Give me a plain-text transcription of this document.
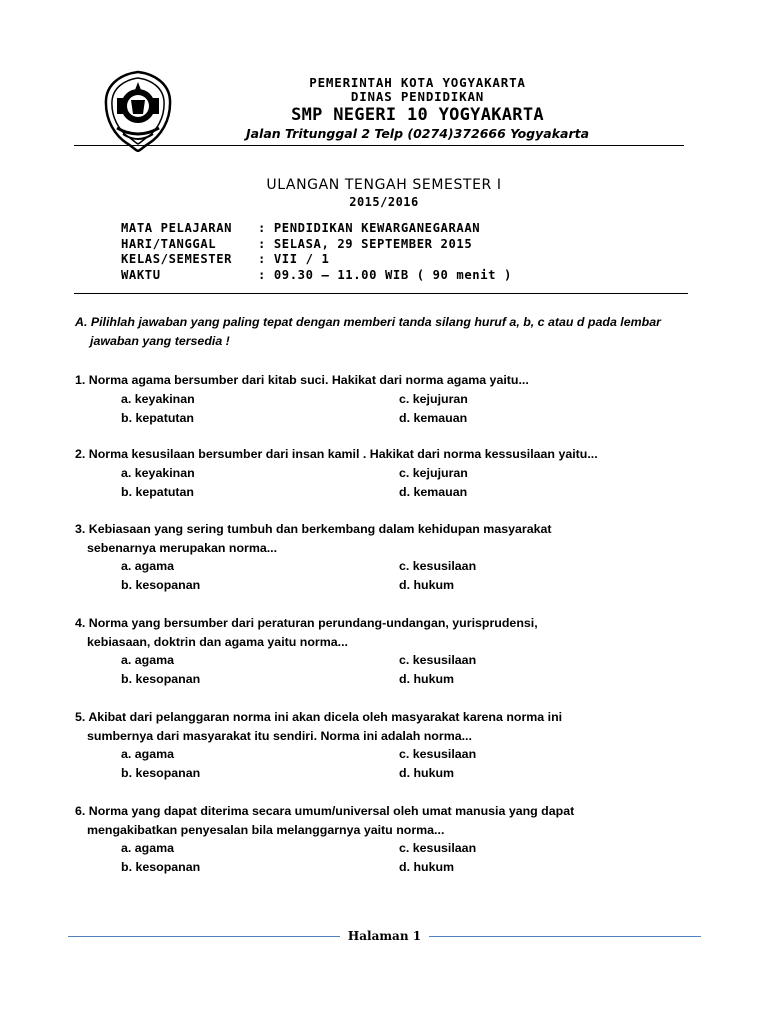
PEMERINTAH KOTA YOGYAKARTA
DINAS PENDIDIKAN
SMP NEGERI 10 YOGYAKARTA
Jalan Tritunggal 2 Telp (0274)372666 Yogyakarta
ULANGAN TENGAH SEMESTER I
2015/2016
MATA PELAJARAN : PENDIDIKAN KEWARGANEGARAAN
HARI/TANGGAL	: SELASA, 29 SEPTEMBER 2015
KELAS/SEMESTER : VII / 1
WAKTU	: 09.30 – 11.00 WIB ( 90 menit )
A. Pilihlah jawaban yang paling tepat dengan memberi tanda silang huruf a, b, c atau d pada lembar
jawaban yang tersedia !
1. Norma agama bersumber dari kitab suci. Hakikat dari norma agama yaitu...
a. keyakinan
b. kepatutan
c. kejujuran
d. kemauan
2. Norma kesusilaan bersumber dari insan kamil . Hakikat dari norma kessusilaan yaitu...
a. keyakinan
b. kepatutan
c. kejujuran
d. kemauan
3. Kebiasaan yang sering tumbuh dan berkembang dalam kehidupan masyarakat
sebenarnya merupakan norma...
a. agama
b. kesopanan
c. kesusilaan
d. hukum
4. Norma yang bersumber dari peraturan perundang-undangan, yurisprudensi,
kebiasaan, doktrin dan agama yaitu norma...
a. agama
b. kesopanan
c. kesusilaan
d. hukum
5. Akibat dari pelanggaran norma ini akan dicela oleh masyarakat karena norma ini
sumbernya dari masyarakat itu sendiri. Norma ini adalah norma...
a. agama
b. kesopanan
c. kesusilaan
d. hukum
6. Norma yang dapat diterima secara umum/universal oleh umat manusia yang dapat
mengakibatkan penyesalan bila melanggarnya yaitu norma...
a. agama
b. kesopanan
c. kesusilaan
d. hukum
Halaman 1
